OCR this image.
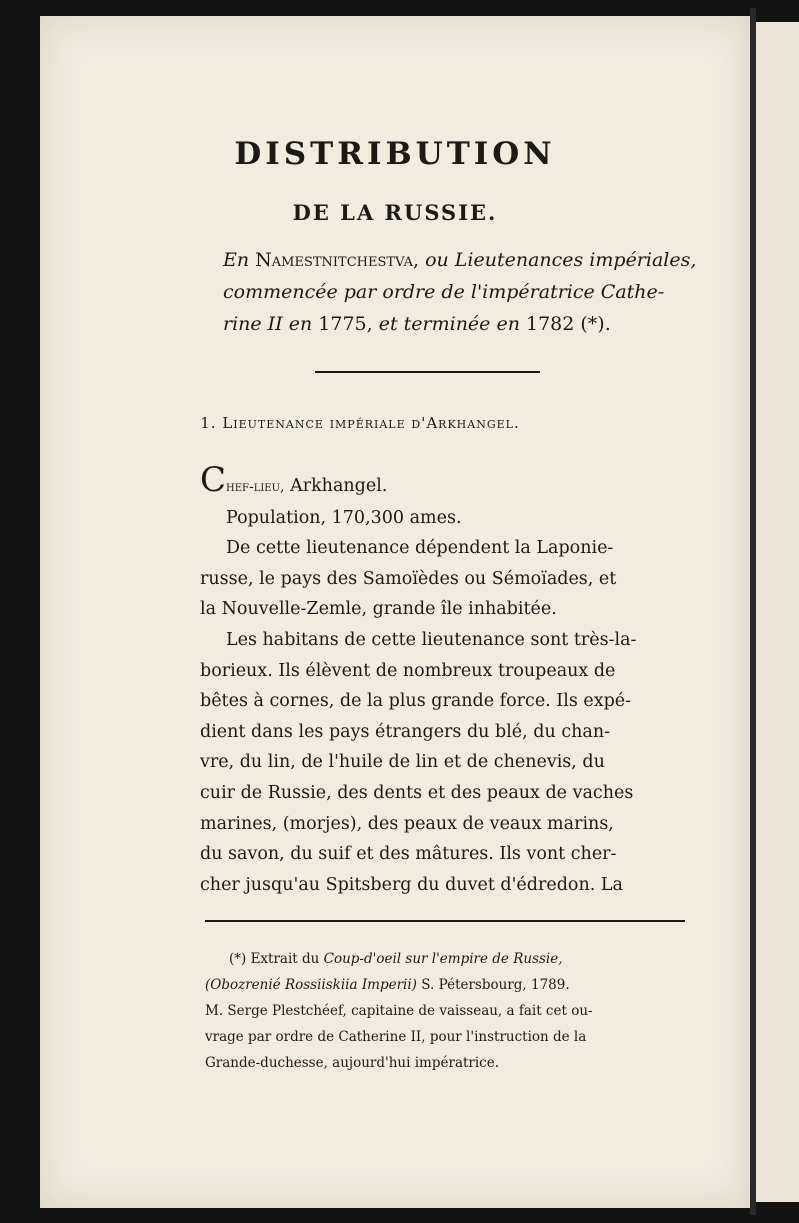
DISTRIBUTION
DE LA RUSSIE.
En Namestnitchestva, ou Lieutenances impériales,
commencée par ordre de l'impératrice Cathe-
rine II en 1775, et terminée en 1782 (*).
1. Lieutenance impériale d'Arkhangel.
Chef-lieu, Arkhangel.
Population, 170,300 ames.
De cette lieutenance dépendent la Laponie-
russe, le pays des Samoïèdes ou Sémoïades, et
la Nouvelle-Zemle, grande île inhabitée.
Les habitans de cette lieutenance sont très-la-
borieux. Ils élèvent de nombreux troupeaux de
bêtes à cornes, de la plus grande force. Ils expé-
dient dans les pays étrangers du blé, du chan-
vre, du lin, de l'huile de lin et de chenevis, du
cuir de Russie, des dents et des peaux de vaches
marines, (morjes), des peaux de veaux marins,
du savon, du suif et des mâtures. Ils vont cher-
cher jusqu'au Spitsberg du duvet d'édredon. La
(*) Extrait du Coup-d'oeil sur l'empire de Russie,
(Obozrenié Rossiiskiia Imperii) S. Pétersbourg, 1789.
M. Serge Plestchéef, capitaine de vaisseau, a fait cet ou-
vrage par ordre de Catherine II, pour l'instruction de la
Grande-duchesse, aujourd'hui impératrice.
